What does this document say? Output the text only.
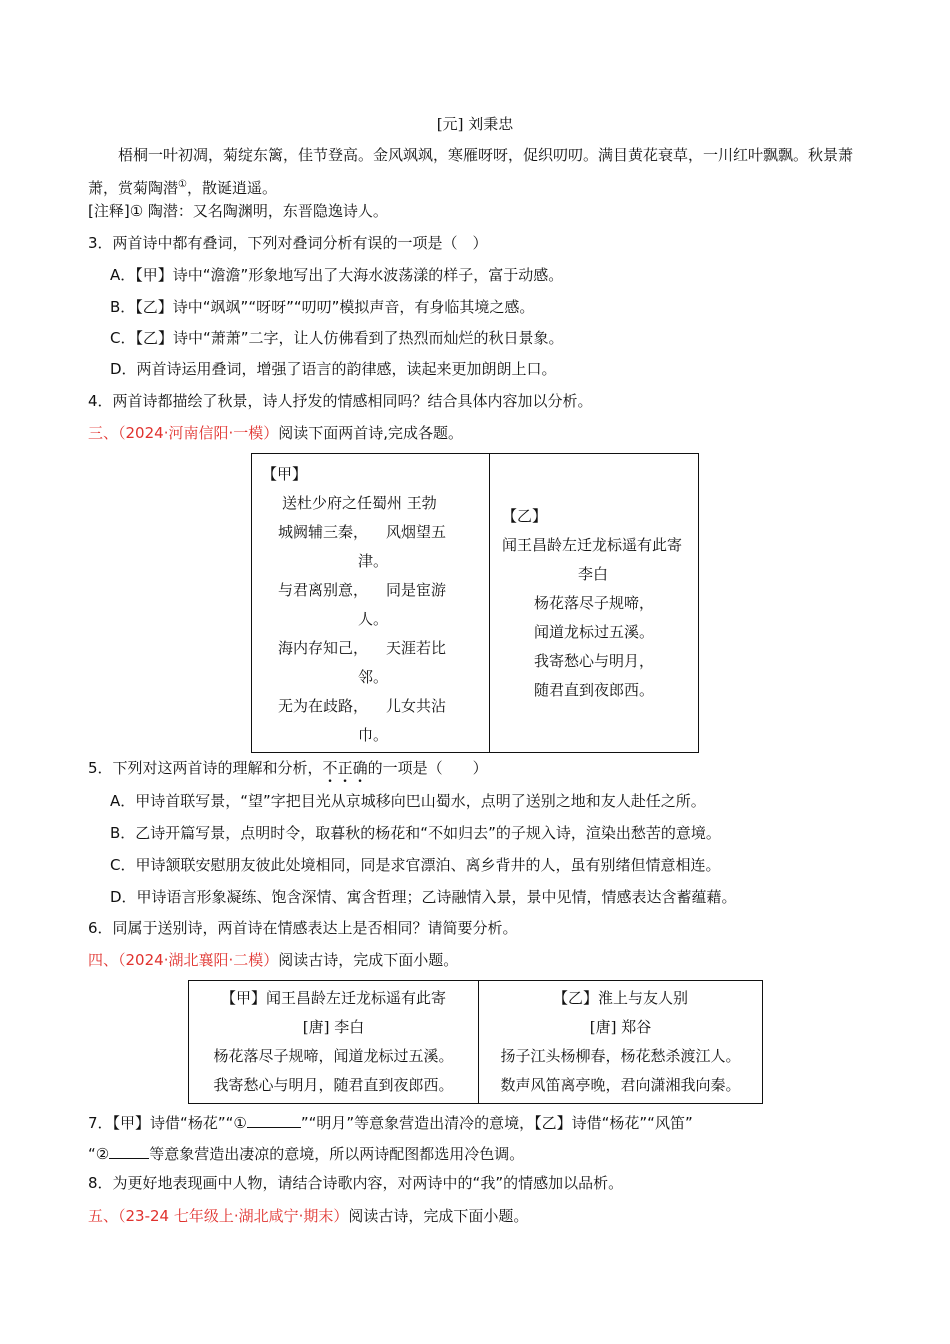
[元] 刘秉忠
梧桐一叶初凋，菊绽东篱，佳节登高。金风飒飒，寒雁呀呀，促织叨叨。满目黄花衰草，一川红叶飘飘。秋景萧萧，赏菊陶潜①，散诞逍遥。
[注释]① 陶潜：又名陶渊明，东晋隐逸诗人。
3．两首诗中都有叠词，下列对叠词分析有误的一项是（　）
A．【甲】诗中“澹澹”形象地写出了大海水波荡漾的样子，富于动感。
B．【乙】诗中“飒飒”“呀呀”“叨叨”模拟声音，有身临其境之感。
C．【乙】诗中“萧萧”二字，让人仿佛看到了热烈而灿烂的秋日景象。
D．两首诗运用叠词，增强了语言的韵律感，读起来更加朗朗上口。
4．两首诗都描绘了秋景，诗人抒发的情感相同吗？结合具体内容加以分析。
三、（2024·河南信阳·一模）阅读下面两首诗,完成各题。

【甲】

送杜少府之任蜀州 王勃

城阙辅三秦， 风烟望五

津。

与君离别意， 同是宦游

人。

海内存知己， 天涯若比

邻。

无为在歧路， 儿女共沾

巾。

【乙】

闻王昌龄左迁龙标遥有此寄

李白

杨花落尽子规啼，

闻道龙标过五溪。

我寄愁心与明月，

随君直到夜郎西。

5．下列对这两首诗的理解和分析，不正确的一项是（　　）
A．甲诗首联写景，“望”字把目光从京城移向巴山蜀水，点明了送别之地和友人赴任之所。
B．乙诗开篇写景，点明时令，取暮秋的杨花和“不如归去”的子规入诗，渲染出愁苦的意境。
C．甲诗颔联安慰朋友彼此处境相同，同是求官漂泊、离乡背井的人，虽有别绪但情意相连。
D．甲诗语言形象凝练、饱含深情、寓含哲理；乙诗融情入景，景中见情，情感表达含蓄蕴藉。
6．同属于送别诗，两首诗在情感表达上是否相同？请简要分析。
四、（2024·湖北襄阳·二模）阅读古诗，完成下面小题。

【甲】闻王昌龄左迁龙标遥有此寄

[唐] 李白

杨花落尽子规啼，闻道龙标过五溪。

我寄愁心与明月，随君直到夜郎西。

【乙】淮上与友人别

[唐] 郑谷

扬子江头杨柳春，杨花愁杀渡江人。

数声风笛离亭晚，君向潇湘我向秦。

7．【甲】诗借“杨花”“①	”“明月”等意象营造出清冷的意境，【乙】诗借“杨花”“风笛”
“②	等意象营造出凄凉的意境，所以两诗配图都选用冷色调。
8．为更好地表现画中人物，请结合诗歌内容，对两诗中的“我”的情感加以品析。
五、（23-24 七年级上·湖北咸宁·期末）阅读古诗，完成下面小题。
